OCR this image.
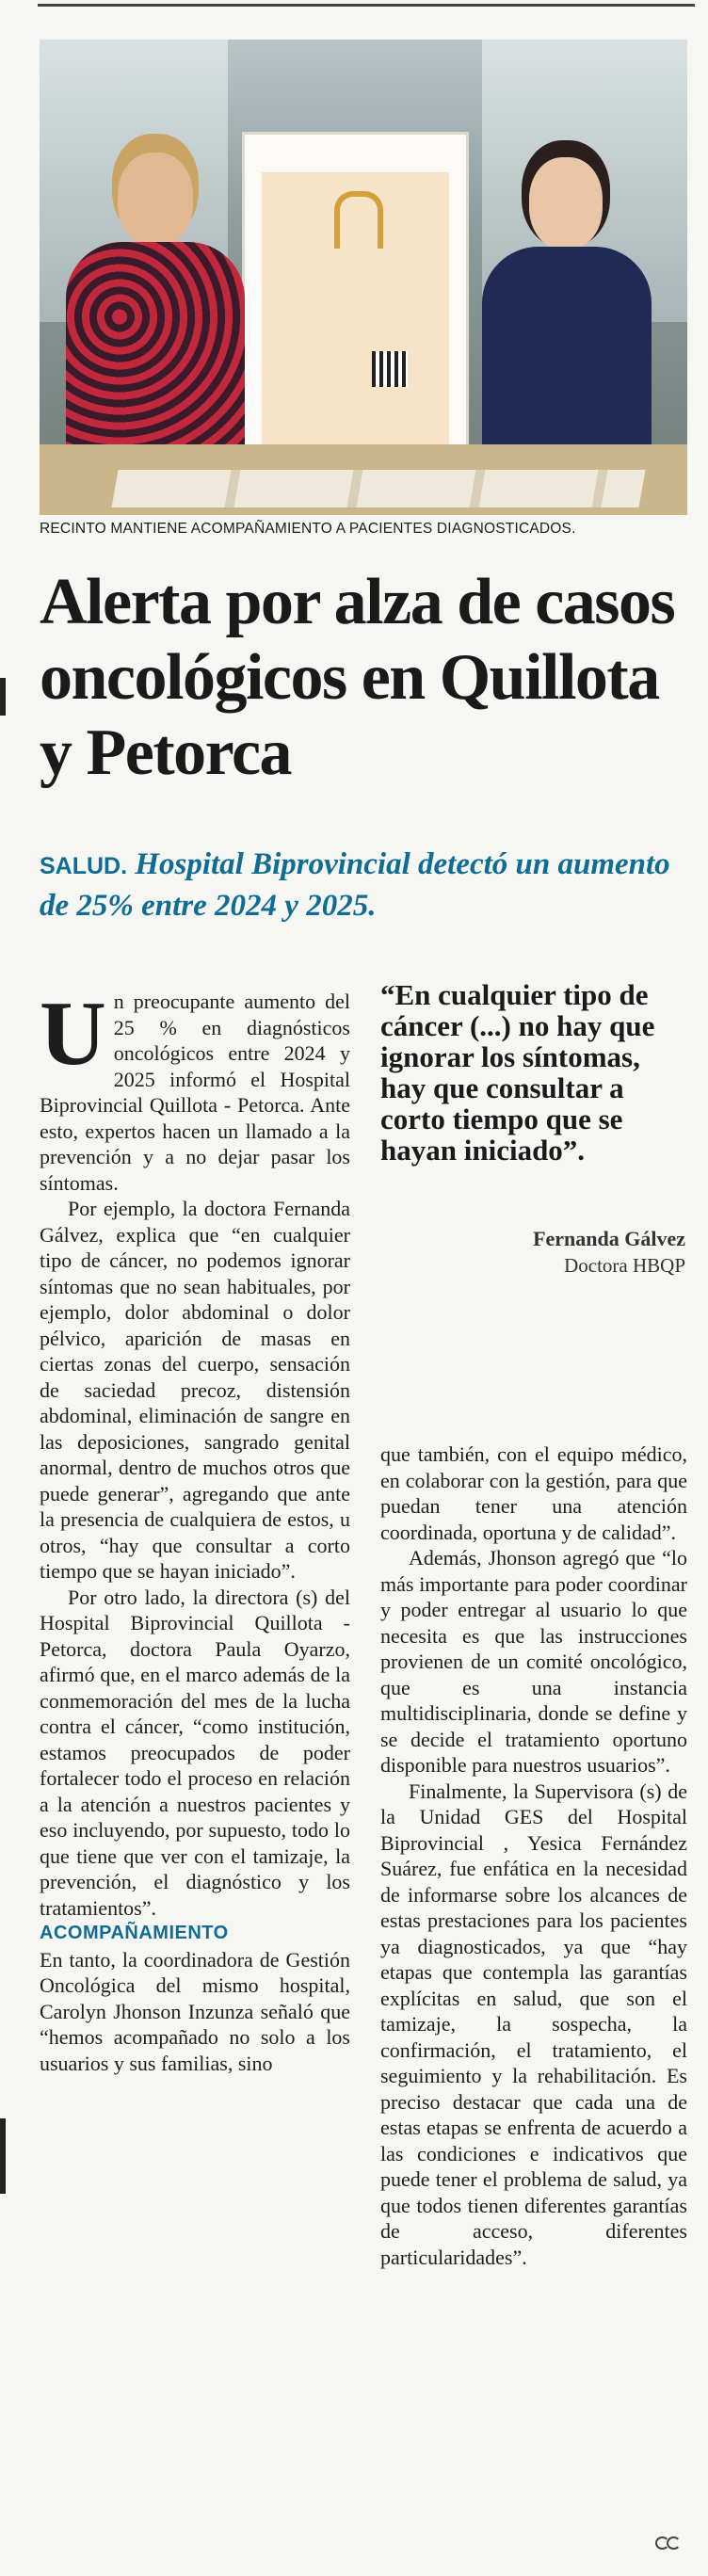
RECINTO MANTIENE ACOMPAÑAMIENTO A PACIENTES DIAGNOSTICADOS.
Alerta por alza de casos oncológicos en Quillota y Petorca
SALUD. Hospital Biprovincial detectó un aumento de 25% entre 2024 y 2025.

Un preocupante aumento del 25 % en diagnósticos oncológicos entre 2024 y 2025 informó el Hospital Biprovincial Quillota - Petorca. Ante esto, expertos hacen un llamado a la prevención y a no dejar pasar los síntomas.

Por ejemplo, la doctora Fernanda Gálvez, explica que “en cualquier tipo de cáncer, no podemos ignorar síntomas que no sean habituales, por ejemplo, dolor abdominal o dolor pélvico, aparición de masas en ciertas zonas del cuerpo, sensación de saciedad precoz, distensión abdominal, eliminación de sangre en las deposiciones, sangrado genital anormal, dentro de muchos otros que puede generar”, agregando que ante la presencia de cualquiera de estos, u otros, “hay que consultar a corto tiempo que se hayan iniciado”.

Por otro lado, la directora (s) del Hospital Biprovincial Quillota - Petorca, doctora Paula Oyarzo, afirmó que, en el marco además de la conmemoración del mes de la lucha contra el cáncer, “como institución, estamos preocupados de poder fortalecer todo el proceso en relación a la atención a nuestros pacientes y eso incluyendo, por supuesto, todo lo que tiene que ver con el tamizaje, la prevención, el diagnóstico y los tratamientos”.

ACOMPAÑAMIENTO

En tanto, la coordinadora de Gestión Oncológica del mismo hospital, Carolyn Jhonson Inzunza señaló que “hemos acompañado no solo a los usuarios y sus familias, sino

“En cualquier tipo de cáncer (...) no hay que ignorar los síntomas, hay que consultar a corto tiempo que se hayan iniciado”.
Fernanda Gálvez
Doctora HBQP

que también, con el equipo médico, en colaborar con la gestión, para que puedan tener una atención coordinada, oportuna y de calidad”.

Además, Jhonson agregó que “lo más importante para poder coordinar y poder entregar al usuario lo que necesita es que las instrucciones provienen de un comité oncológico, que es una instancia multidisciplinaria, donde se define y se decide el tratamiento oportuno disponible para nuestros usuarios”.

Finalmente, la Supervisora (s) de la Unidad GES del Hospital Biprovincial , Yesica Fernández Suárez, fue enfática en la necesidad de informarse sobre los alcances de estas prestaciones para los pacientes ya diagnosticados, ya que “hay etapas que contempla las garantías explícitas en salud, que son el tamizaje, la sospecha, la confirmación, el tratamiento, el seguimiento y la rehabilitación. Es preciso destacar que cada una de estas etapas se enfrenta de acuerdo a las condiciones e indicativos que puede tener el problema de salud, ya que todos tienen diferentes garantías de acceso, diferentes particularidades”.
